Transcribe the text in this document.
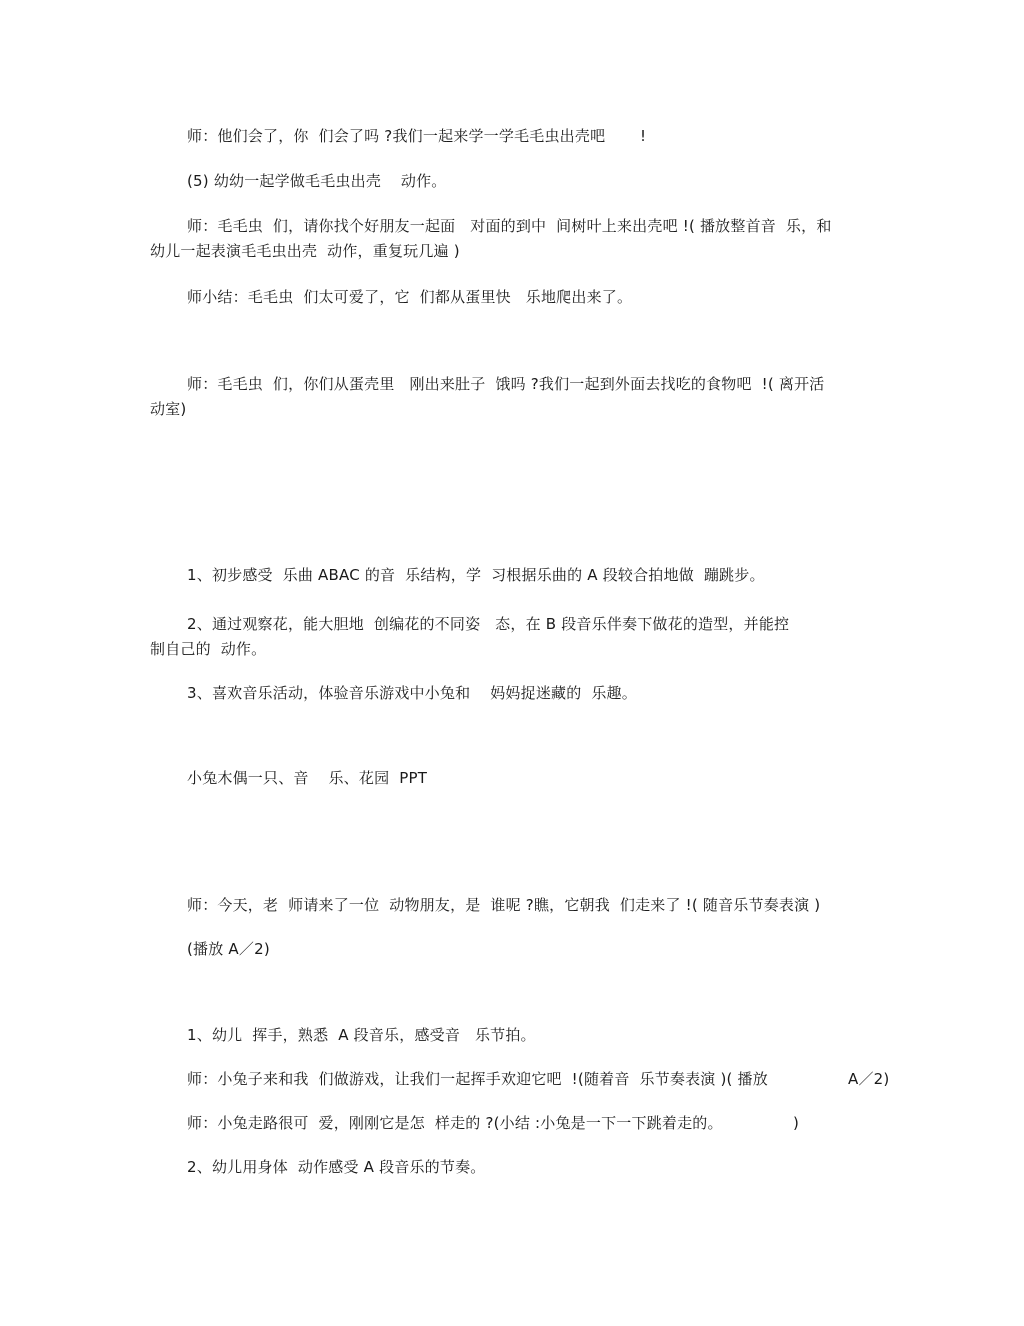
师：他们会了，你  们会了吗 ?我们一起来学一学毛毛虫出壳吧       !
(5) 幼幼一起学做毛毛虫出壳    动作。
师：毛毛虫  们，请你找个好朋友一起面   对面的到中  间树叶上来出壳吧 !( 播放整首音  乐，和
幼儿一起表演毛毛虫出壳  动作，重复玩几遍 )
师小结：毛毛虫  们太可爱了，它  们都从蛋里快   乐地爬出来了。
师：毛毛虫  们，你们从蛋壳里   刚出来肚子  饿吗 ?我们一起到外面去找吃的食物吧  !( 离开活
动室)
1、初步感受  乐曲 ABAC 的音  乐结构，学  习根据乐曲的 A 段较合拍地做  蹦跳步。
2、通过观察花，能大胆地  创编花的不同姿   态，在 B 段音乐伴奏下做花的造型，并能控
制自己的  动作。
3、喜欢音乐活动，体验音乐游戏中小兔和    妈妈捉迷藏的  乐趣。
小兔木偶一只、音    乐、花园  PPT
师：今天，老  师请来了一位  动物朋友，是  谁呢 ?瞧，它朝我  们走来了 !( 随音乐节奏表演 )
(播放 A／2)
1、幼儿  挥手，熟悉  A 段音乐，感受音   乐节拍。
师：小兔子来和我  们做游戏，让我们一起挥手欢迎它吧  !(随着音  乐节奏表演 )( 播放	A／2)
师：小兔走路很可  爱，刚刚它是怎  样走的 ?(小结 :小兔是一下一下跳着走的。	)
2、幼儿用身体  动作感受 A 段音乐的节奏。
